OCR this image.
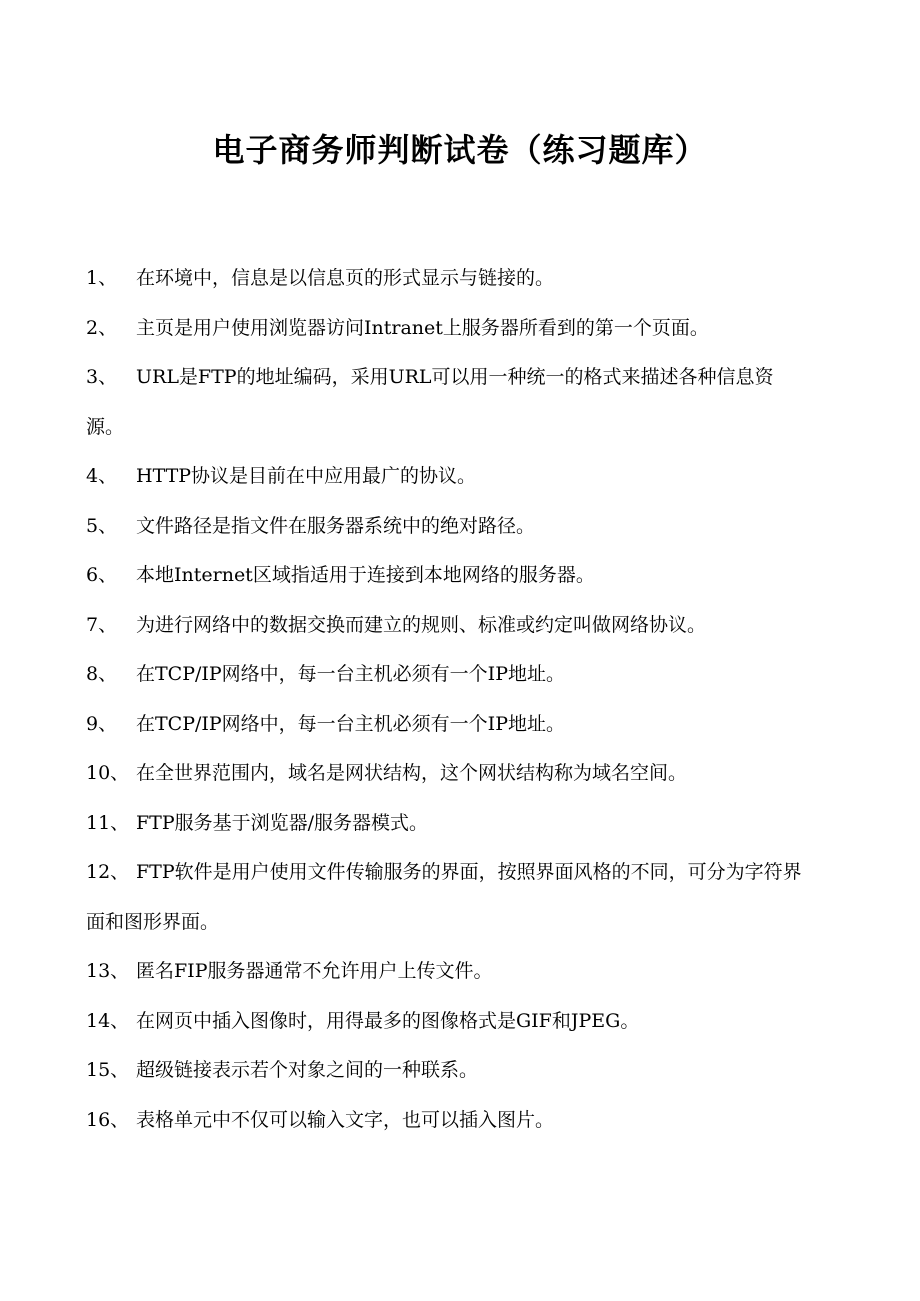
电子商务师判断试卷（练习题库）
1、 在环境中，信息是以信息页的形式显示与链接的。
2、 主页是用户使用浏览器访问Intranet上服务器所看到的第一个页面。
3、 URL是FTP的地址编码，采用URL可以用一种统一的格式来描述各种信息资源。
4、 HTTP协议是目前在中应用最广的协议。
5、 文件路径是指文件在服务器系统中的绝对路径。
6、 本地Internet区域指适用于连接到本地网络的服务器。
7、 为进行网络中的数据交换而建立的规则、标准或约定叫做网络协议。
8、 在TCP/IP网络中，每一台主机必须有一个IP地址。
9、 在TCP/IP网络中，每一台主机必须有一个IP地址。
10、 在全世界范围内，域名是网状结构，这个网状结构称为域名空间。
11、 FTP服务基于浏览器/服务器模式。
12、 FTP软件是用户使用文件传输服务的界面，按照界面风格的不同，可分为字符界面和图形界面。
13、 匿名FIP服务器通常不允许用户上传文件。
14、 在网页中插入图像时，用得最多的图像格式是GIF和JPEG。
15、 超级链接表示若个对象之间的一种联系。
16、 表格单元中不仅可以输入文字，也可以插入图片。
